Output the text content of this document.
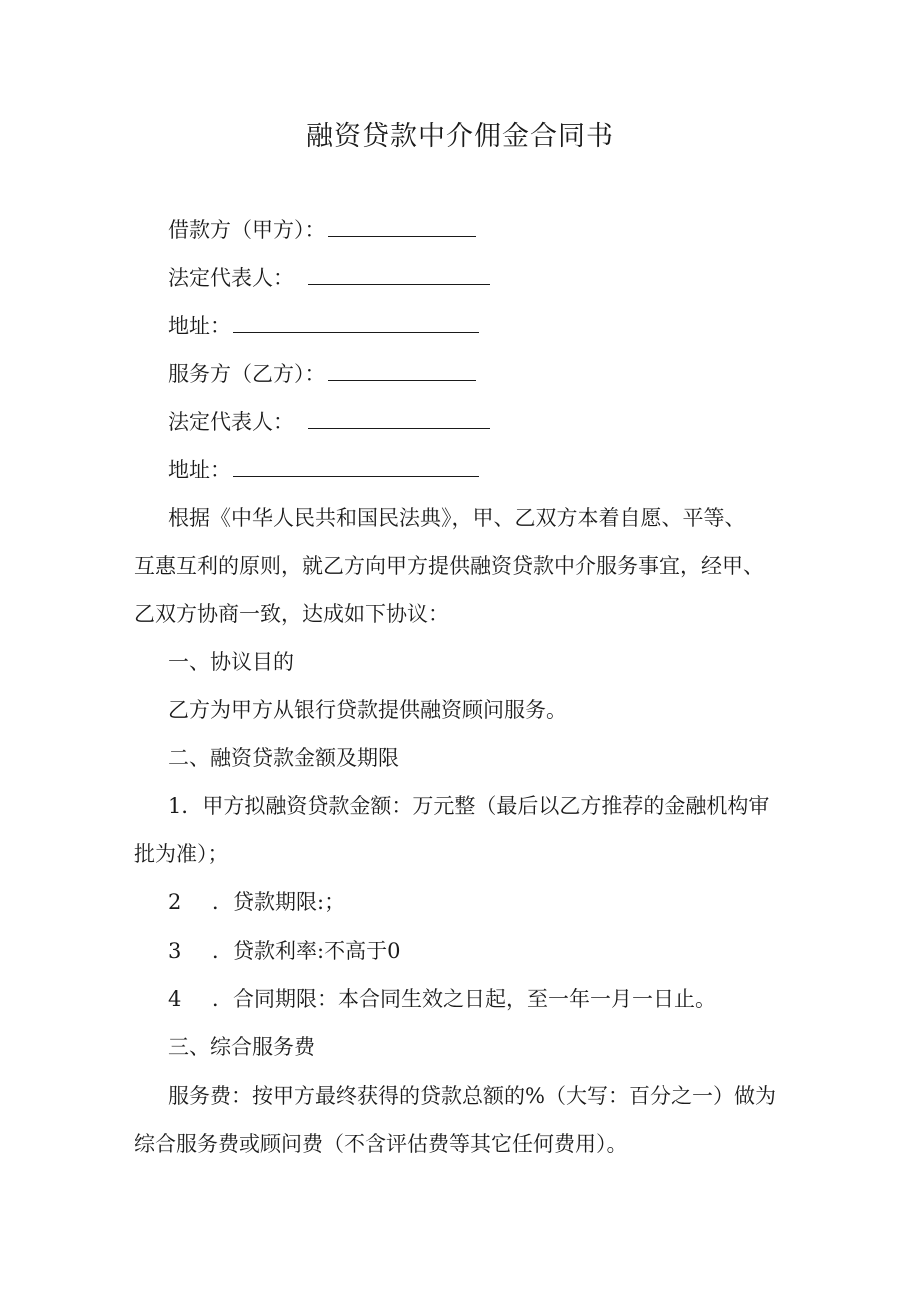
融资贷款中介佣金合同书
借款方（甲方）：
法定代表人：
地址：
服务方（乙方）：
法定代表人：
地址：
根据《中华人民共和国民法典》，甲、乙双方本着自愿、平等、
互惠互利的原则，就乙方向甲方提供融资贷款中介服务事宜，经甲、
乙双方协商一致，达成如下协议：
一、协议目的
乙方为甲方从银行贷款提供融资顾问服务。
二、融资贷款金额及期限
1．甲方拟融资贷款金额：万元整（最后以乙方推荐的金融机构审
批为准）；
2 ．贷款期限:；
3 ．贷款利率:不高于0
4 ．合同期限：本合同生效之日起，至一年一月一日止。
三、综合服务费
服务费：按甲方最终获得的贷款总额的%（大写：百分之一）做为
综合服务费或顾问费（不含评估费等其它任何费用）。
